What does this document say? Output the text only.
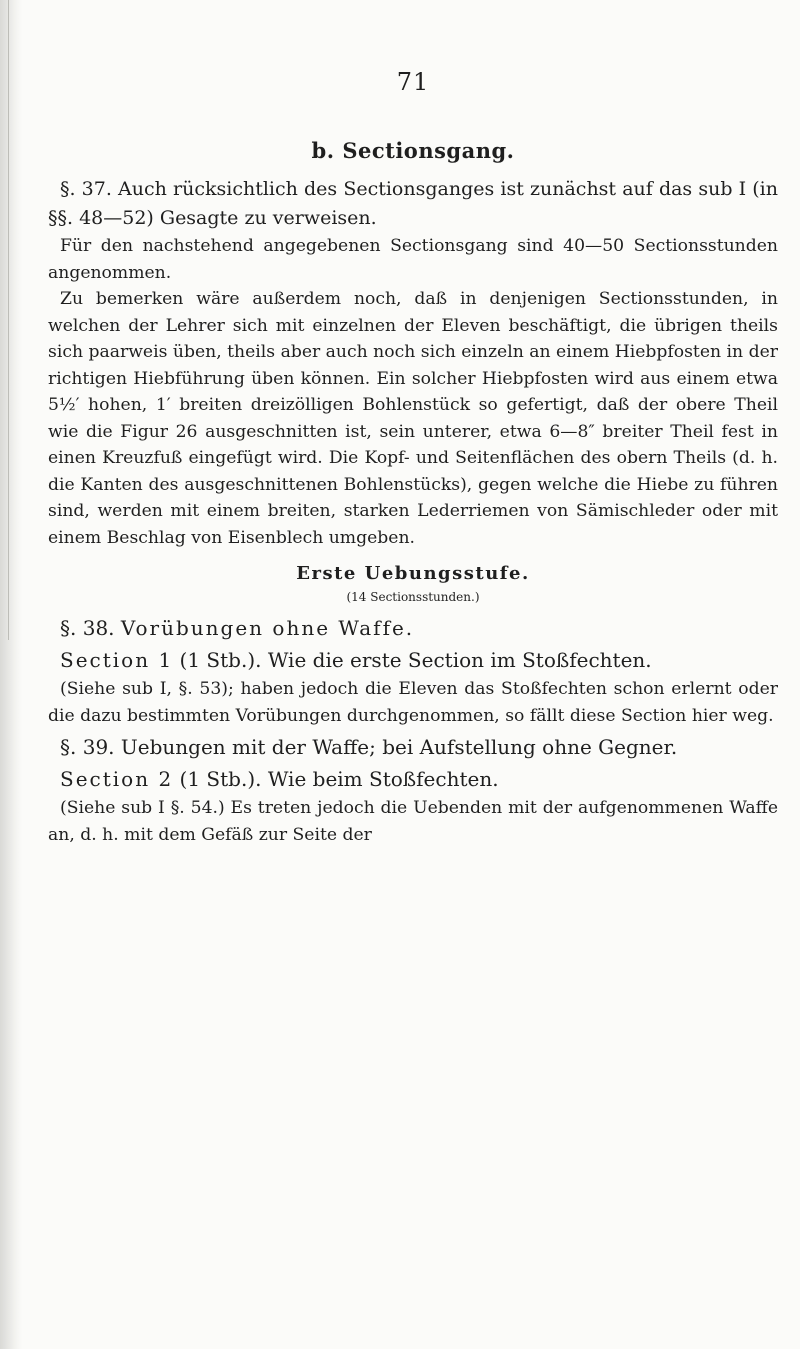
71
b. Sectionsgang.

§. 37. Auch rücksichtlich des Sectionsganges ist zunächst auf das sub I (in §§. 48—52) Gesagte zu verweisen.

Für den nachstehend angegebenen Sectionsgang sind 40—50 Sectionsstunden angenommen.

Zu bemerken wäre außerdem noch, daß in denjenigen Sectionsstunden, in welchen der Lehrer sich mit einzelnen der Eleven beschäftigt, die übrigen theils sich paarweis üben, theils aber auch noch sich einzeln an einem Hiebpfosten in der richtigen Hiebführung üben können. Ein solcher Hiebpfosten wird aus einem etwa 5½′ hohen, 1′ breiten dreizölligen Bohlenstück so gefertigt, daß der obere Theil wie die Figur 26 ausgeschnitten ist, sein unterer, etwa 6—8″ breiter Theil fest in einen Kreuzfuß eingefügt wird. Die Kopf- und Seitenflächen des obern Theils (d. h. die Kanten des ausgeschnittenen Bohlenstücks), gegen welche die Hiebe zu führen sind, werden mit einem breiten, starken Lederriemen von Sämischleder oder mit einem Beschlag von Eisenblech umgeben.

Erste Uebungsstufe.
(14 Sectionsstunden.)

§. 38. Vorübungen ohne Waffe.

Section 1 (1 Stb.). Wie die erste Section im Stoßfechten.

(Siehe sub I, §. 53); haben jedoch die Eleven das Stoßfechten schon erlernt oder die dazu bestimmten Vorübungen durchgenommen, so fällt diese Section hier weg.

§. 39. Uebungen mit der Waffe; bei Aufstellung ohne Gegner.

Section 2 (1 Stb.). Wie beim Stoßfechten.

(Siehe sub I §. 54.) Es treten jedoch die Uebenden mit der aufgenommenen Waffe an, d. h. mit dem Gefäß zur Seite der
